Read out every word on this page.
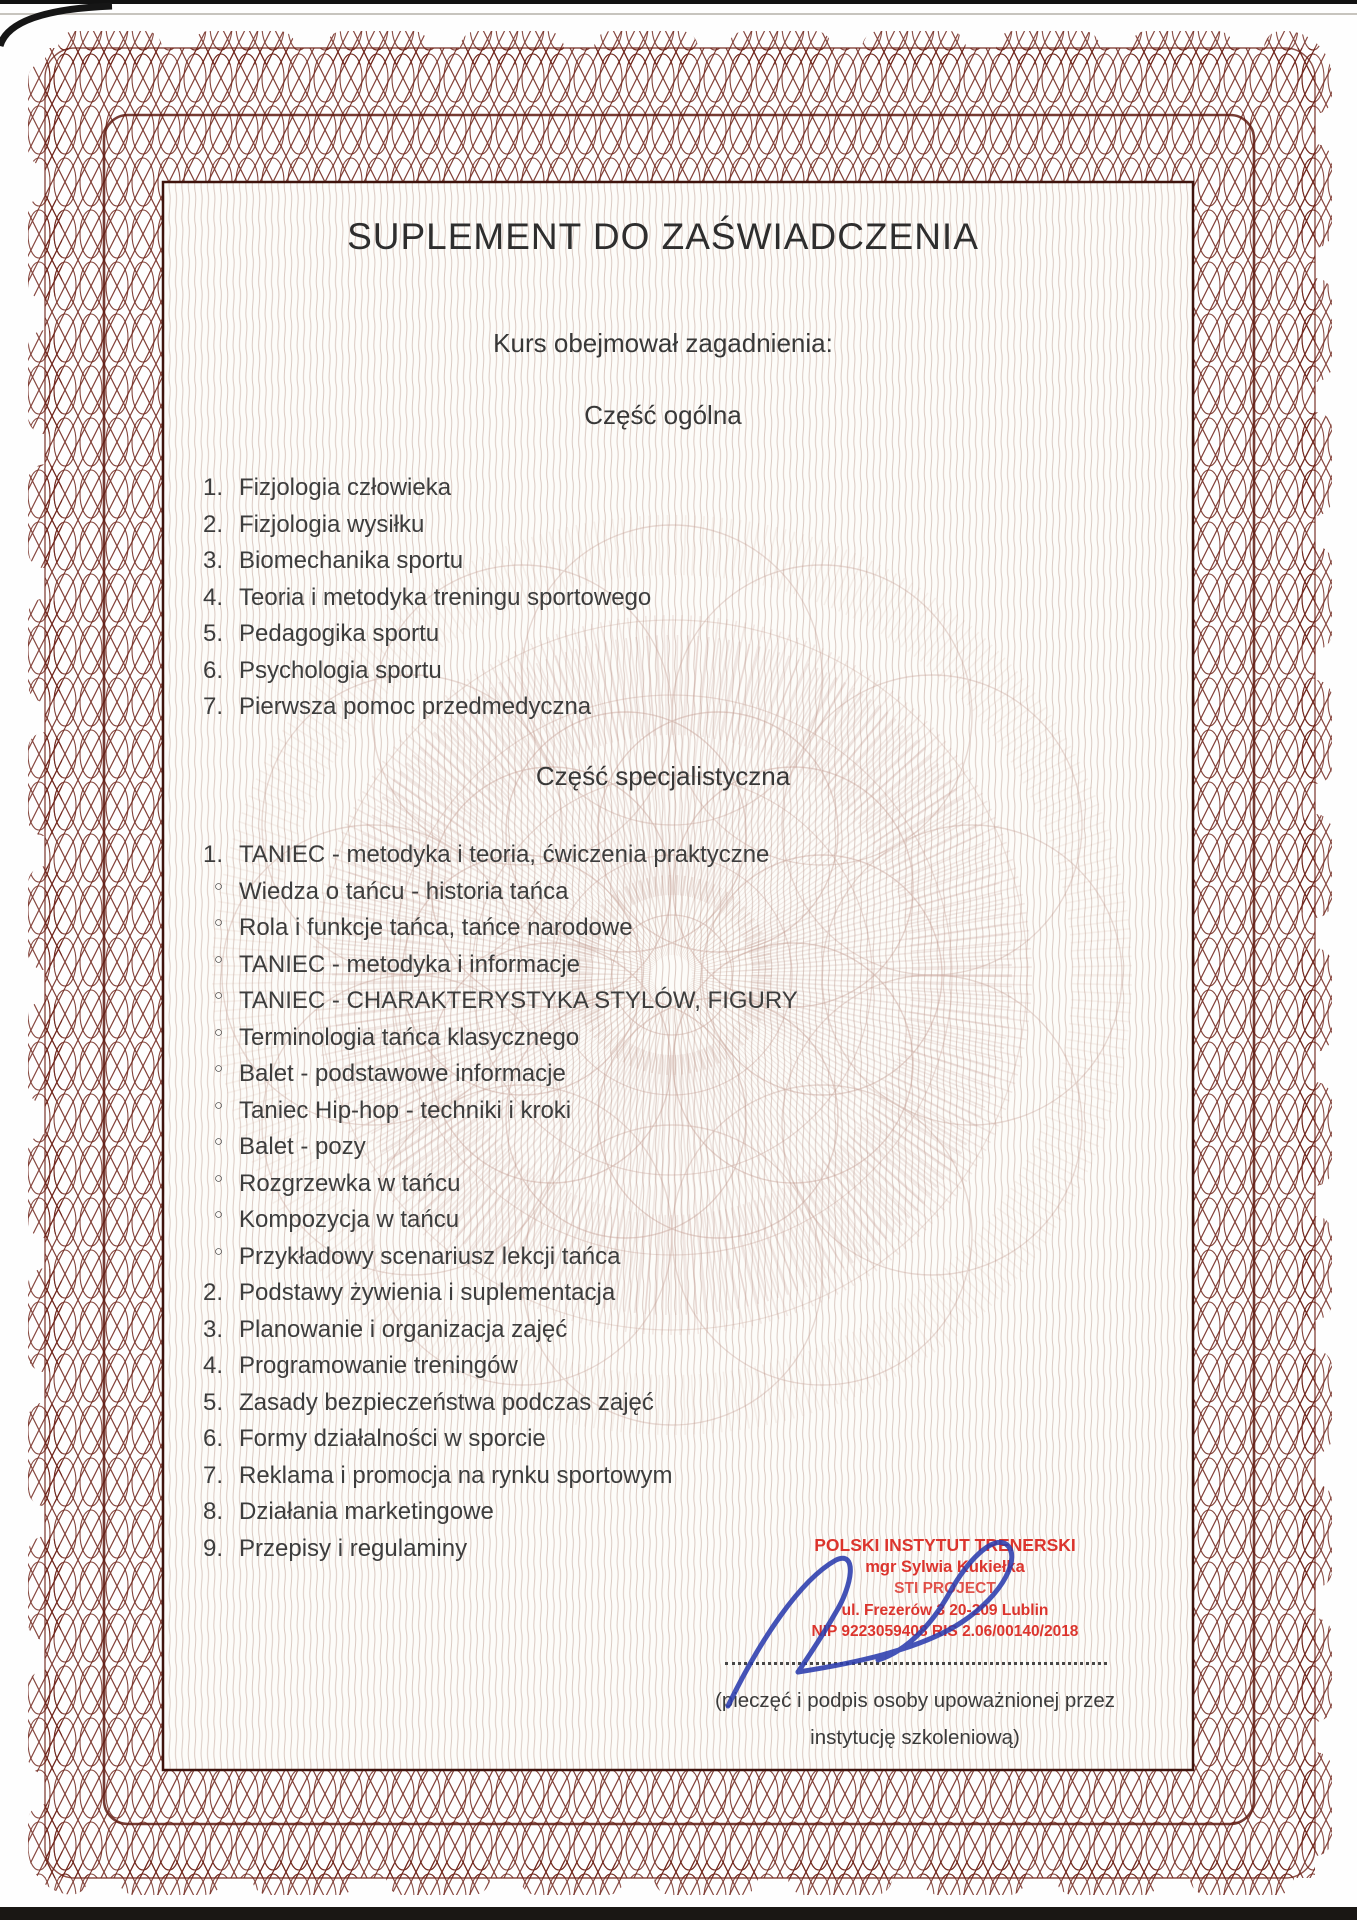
SUPLEMENT DO ZAŚWIADCZENIA
Kurs obejmował zagadnienia:
Część ogólna
1. Fizjologia człowieka
2. Fizjologia wysiłku
3. Biomechanika sportu
4. Teoria i metodyka treningu sportowego
5. Pedagogika sportu
6. Psychologia sportu
7. Pierwsza pomoc przedmedyczna
Część specjalistyczna
1. TANIEC - metodyka i teoria, ćwiczenia praktyczne
○ Wiedza o tańcu - historia tańca
○ Rola i funkcje tańca, tańce narodowe
○ TANIEC - metodyka i informacje
○ TANIEC - CHARAKTERYSTYKA STYLÓW, FIGURY
○ Terminologia tańca klasycznego
○ Balet - podstawowe informacje
○ Taniec Hip-hop - techniki i kroki
○ Balet - pozy
○ Rozgrzewka w tańcu
○ Kompozycja w tańcu
○ Przykładowy scenariusz lekcji tańca
2. Podstawy żywienia i suplementacja
3. Planowanie i organizacja zajęć
4. Programowanie treningów
5. Zasady bezpieczeństwa podczas zajęć
6. Formy działalności w sporcie
7. Reklama i promocja na rynku sportowym
8. Działania marketingowe
9. Przepisy i regulaminy	POLSKI INSTYTUT TRENERSKI
mgr Sylwia Kukiełka
STI PROJECT
ul. Frezerów 3 20-209 Lublin
NIP 9223059408 RIS 2.06/00140/2018
(pieczęć i podpis osoby upoważnionej przez
instytucję szkoleniową)
